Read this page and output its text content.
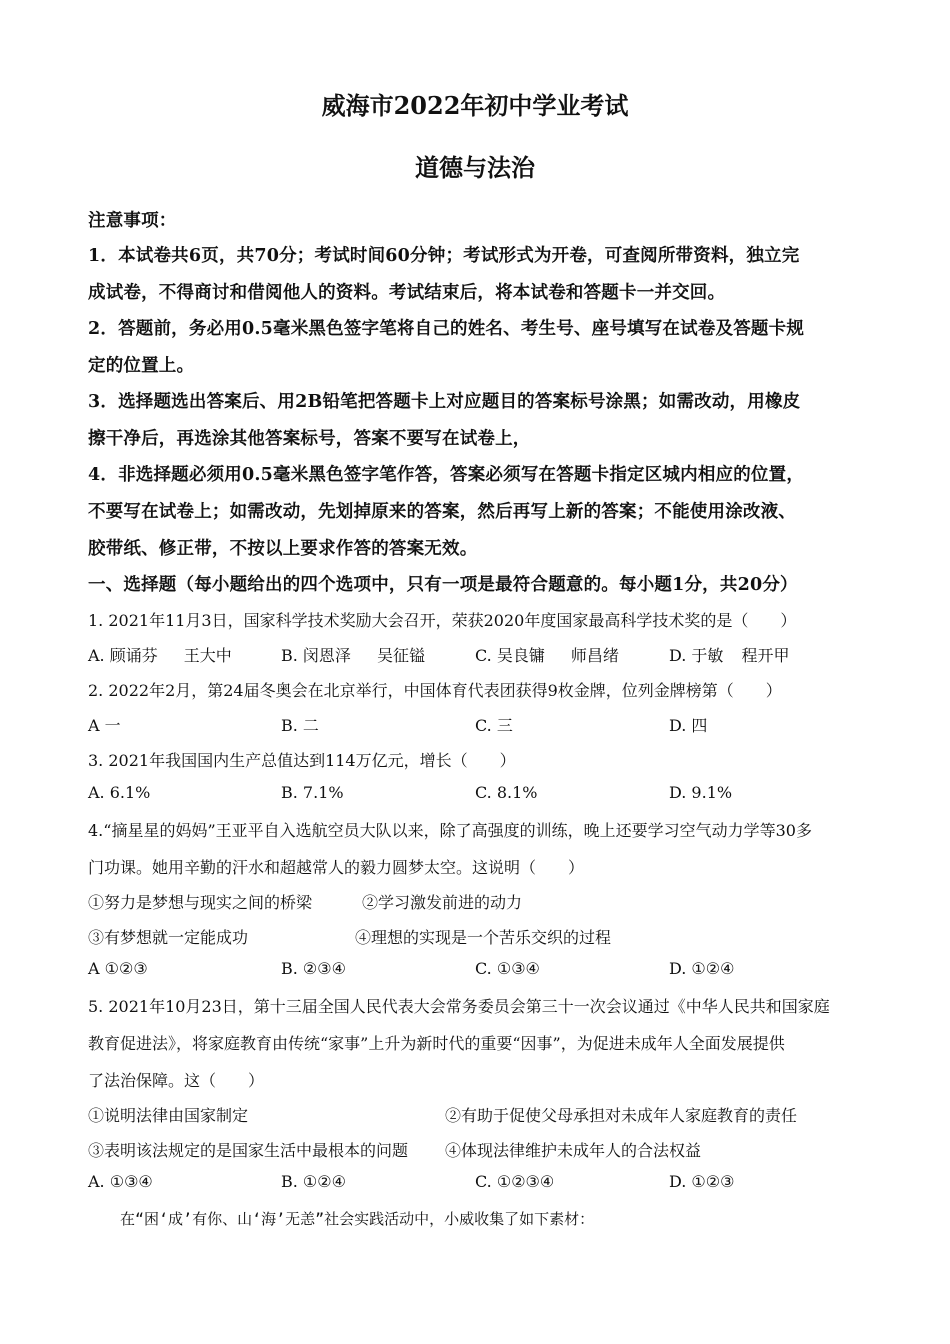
威海市2022年初中学业考试
道德与法治
注意事项：
1．本试卷共6页，共70分；考试时间60分钟；考试形式为开卷，可查阅所带资料，独立完
成试卷，不得商讨和借阅他人的资料。考试结束后，将本试卷和答题卡一并交回。
2．答题前，务必用0.5毫米黑色签字笔将自己的姓名、考生号、座号填写在试卷及答题卡规
定的位置上。
3．选择题选出答案后、用2B铅笔把答题卡上对应题目的答案标号涂黑；如需改动，用橡皮
擦干净后，再选涂其他答案标号，答案不要写在试卷上，
4．非选择题必须用0.5毫米黑色签字笔作答，答案必须写在答题卡指定区城内相应的位置，
不要写在试卷上；如需改动，先划掉原来的答案，然后再写上新的答案；不能使用涂改液、
胶带纸、修正带，不按以上要求作答的答案无效。
一、选择题（每小题给出的四个选项中，只有一项是最符合题意的。每小题1分，共20分）
1. 2021年11月3日，国家科学技术奖励大会召开，荣获2020年度国家最高科学技术奖的是（　　）
A. 顾诵芬 王大中	B. 闵恩泽 吴征镒	C. 吴良镛 师昌绪	D. 于敏 程开甲
2. 2022年2月，第24届冬奥会在北京举行，中国体育代表团获得9枚金牌，位列金牌榜第（　　）
A 一	B. 二	C. 三	D. 四
3. 2021年我国国内生产总值达到114万亿元，增长（　　）
A. 6.1%	B. 7.1%	C. 8.1%	D. 9.1%
4.“摘星星的妈妈”王亚平自入选航空员大队以来，除了高强度的训练，晚上还要学习空气动力学等30多
门功课。她用辛勤的汗水和超越常人的毅力圆梦太空。这说明（　　）
①努力是梦想与现实之间的桥梁	②学习激发前进的动力
③有梦想就一定能成功	④理想的实现是一个苦乐交织的过程
A ①②③	B. ②③④	C. ①③④	D. ①②④
5. 2021年10月23日，第十三届全国人民代表大会常务委员会第三十一次会议通过《中华人民共和国家庭
教育促进法》，将家庭教育由传统“家事”上升为新时代的重要“因事”，为促进未成年人全面发展提供
了法治保障。这（　　）
①说明法律由国家制定	②有助于促使父母承担对未成年人家庭教育的责任
③表明该法规定的是国家生活中最根本的问题 ④体现法律维护未成年人的合法权益
A. ①③④	B. ①②④	C. ①②③④	D. ①②③
在“困‘成’有你、山‘海’无恙”社会实践活动中，小威收集了如下素材：
